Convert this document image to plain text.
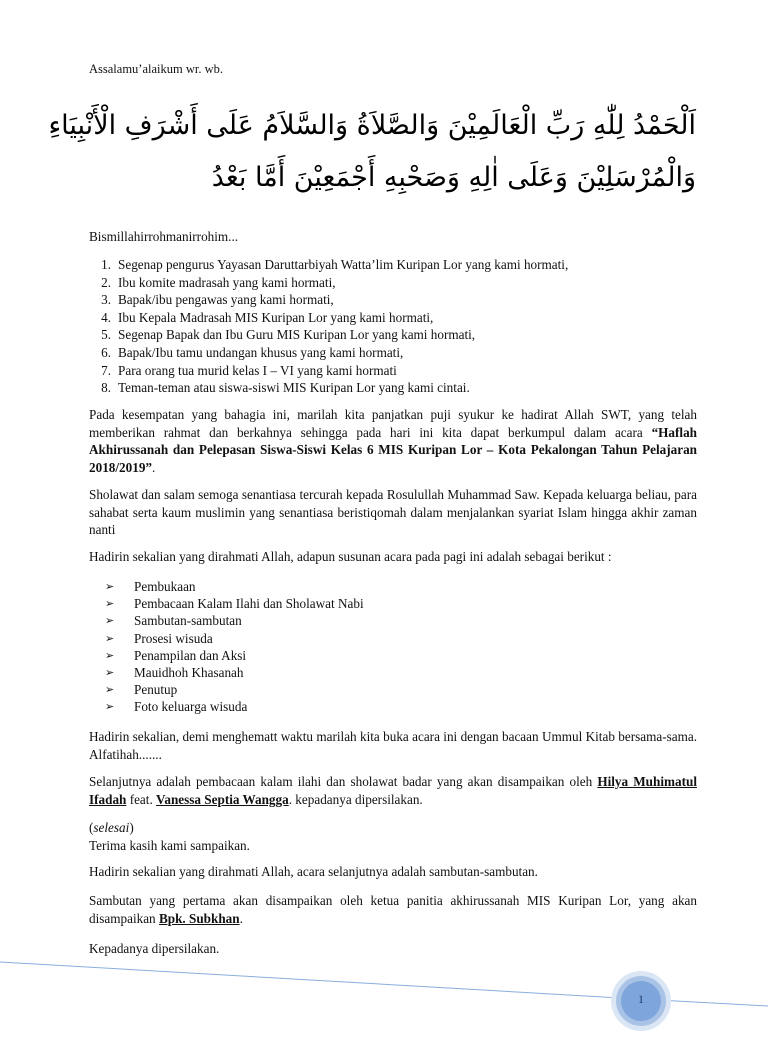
Assalamu’alaikum wr. wb.
اَلْحَمْدُ لِلّٰهِ رَبِّ الْعَالَمِيْنَ وَالصَّلاَةُ وَالسَّلاَمُ عَلَى أَشْرَفِ الْأَنْبِيَاءِ
وَالْمُرْسَلِيْنَ وَعَلَى اٰلِهِ وَصَحْبِهِ أَجْمَعِيْنَ أَمَّا بَعْدُ
Bismillahirrohmanirrohim...
1. Segenap pengurus Yayasan Daruttarbiyah Watta’lim Kuripan Lor yang kami hormati,
2. Ibu komite madrasah yang kami hormati,
3. Bapak/ibu pengawas yang kami hormati,
4. Ibu Kepala Madrasah MIS Kuripan Lor yang kami hormati,
5. Segenap Bapak dan Ibu Guru MIS Kuripan Lor yang kami hormati,
6. Bapak/Ibu tamu undangan khusus yang kami hormati,
7. Para orang tua murid kelas I – VI yang kami hormati
8. Teman-teman atau siswa-siswi MIS Kuripan Lor yang kami cintai.
Pada kesempatan yang bahagia ini, marilah kita panjatkan puji syukur ke hadirat Allah SWT, yang telah memberikan rahmat dan berkahnya sehingga pada hari ini kita dapat berkumpul dalam acara “Haflah Akhirussanah dan Pelepasan Siswa-Siswi Kelas 6 MIS Kuripan Lor – Kota Pekalongan Tahun Pelajaran 2018/2019”.
Sholawat dan salam semoga senantiasa tercurah kepada Rosulullah Muhammad Saw. Kepada keluarga beliau, para sahabat serta kaum muslimin yang senantiasa beristiqomah dalam menjalankan syariat Islam hingga akhir zaman nanti
Hadirin sekalian yang dirahmati Allah, adapun susunan acara pada pagi ini adalah sebagai berikut :
➢ Pembukaan
➢ Pembacaan Kalam Ilahi dan Sholawat Nabi
➢ Sambutan-sambutan
➢ Prosesi wisuda
➢ Penampilan dan Aksi
➢ Mauidhoh Khasanah
➢ Penutup
➢ Foto keluarga wisuda
Hadirin sekalian, demi menghematt waktu marilah kita buka acara ini dengan bacaan Ummul Kitab bersama-sama. Alfatihah.......
Selanjutnya adalah pembacaan kalam ilahi dan sholawat badar yang akan disampaikan oleh Hilya Muhimatul Ifadah feat. Vanessa Septia Wangga. kepadanya dipersilakan.
(selesai)
Terima kasih kami sampaikan.
Hadirin sekalian yang dirahmati Allah, acara selanjutnya adalah sambutan-sambutan.
Sambutan yang pertama akan disampaikan oleh ketua panitia akhirussanah MIS Kuripan Lor, yang akan disampaikan Bpk. Subkhan.
Kepadanya dipersilakan.
1
